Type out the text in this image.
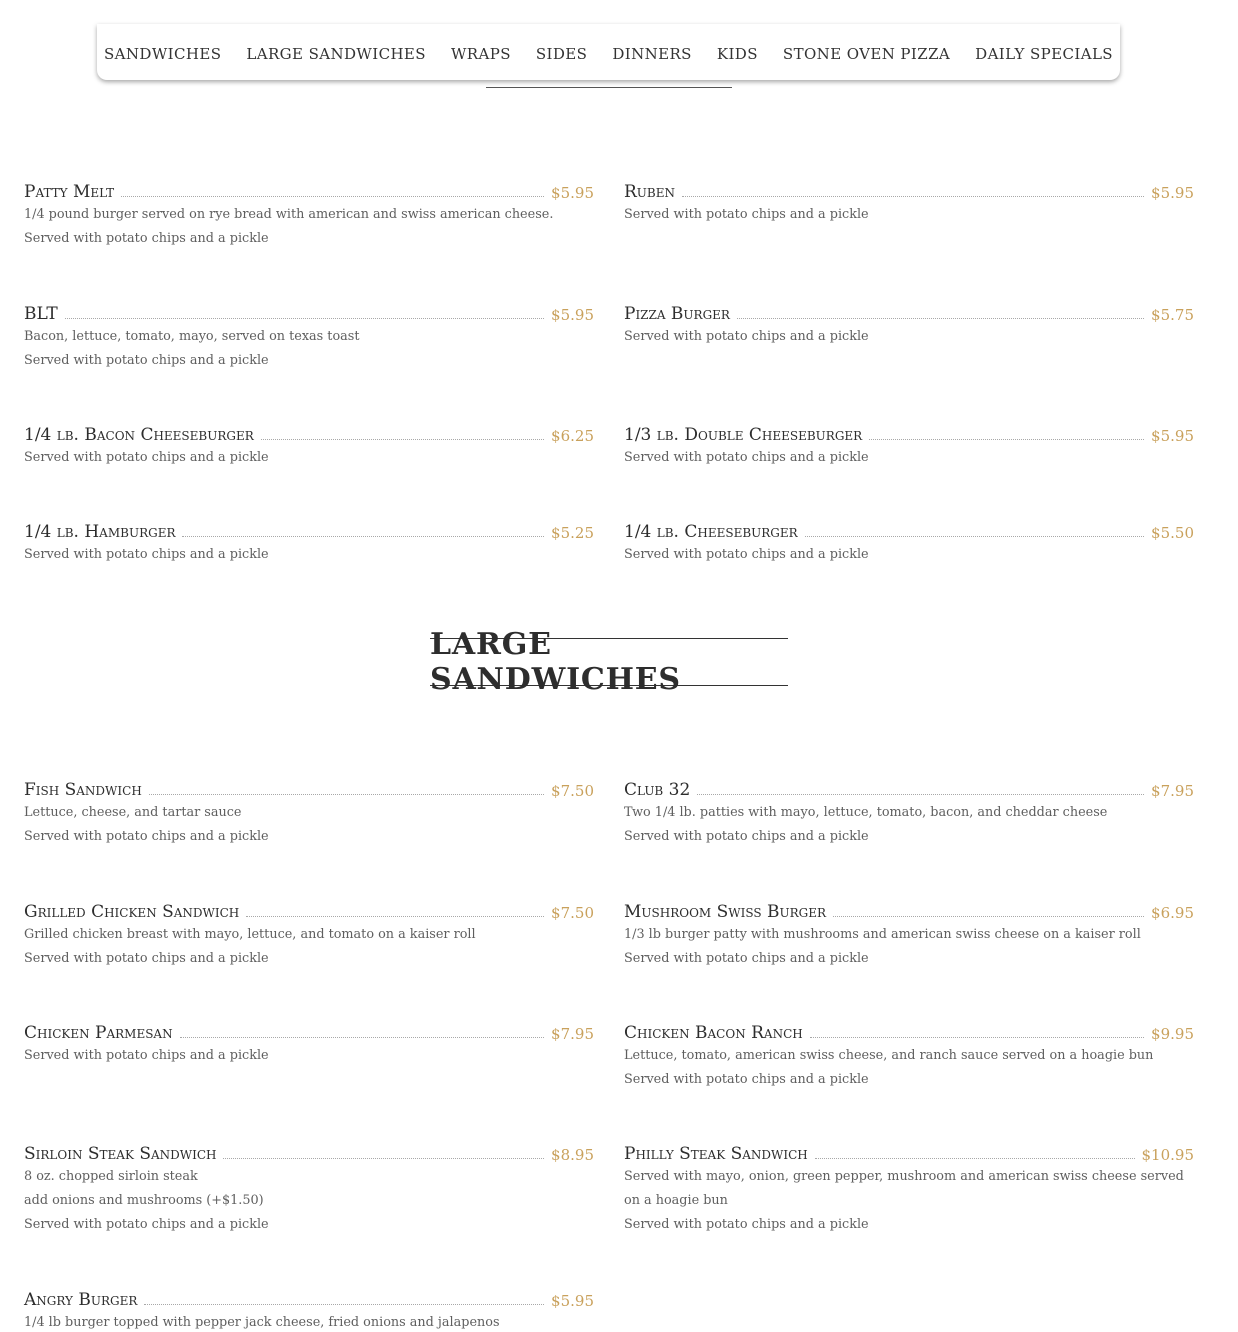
SANDWICHES LARGE SANDWICHES WRAPS SIDES DINNERS KIDS STONE OVEN PIZZA DAILY SPECIALS
Patty Melt	$5.95
1/4 pound burger served on rye bread with american and swiss american cheese.
Served with potato chips and a pickle
Ruben	$5.95
Served with potato chips and a pickle
BLT	$5.95
Bacon, lettuce, tomato, mayo, served on texas toast
Served with potato chips and a pickle
Pizza Burger	$5.75
Served with potato chips and a pickle
1/4 lb. Bacon Cheeseburger	$6.25
Served with potato chips and a pickle
1/3 lb. Double Cheeseburger	$5.95
Served with potato chips and a pickle
1/4 lb. Hamburger	$5.25
Served with potato chips and a pickle
1/4 lb. Cheeseburger	$5.50
Served with potato chips and a pickle
LARGE SANDWICHES
Fish Sandwich	$7.50
Lettuce, cheese, and tartar sauce
Served with potato chips and a pickle
Club 32	$7.95
Two 1/4 lb. patties with mayo, lettuce, tomato, bacon, and cheddar cheese
Served with potato chips and a pickle
Grilled Chicken Sandwich	$7.50
Grilled chicken breast with mayo, lettuce, and tomato on a kaiser roll
Served with potato chips and a pickle
Mushroom Swiss Burger	$6.95
1/3 lb burger patty with mushrooms and american swiss cheese on a kaiser roll
Served with potato chips and a pickle
Chicken Parmesan	$7.95
Served with potato chips and a pickle
Chicken Bacon Ranch	$9.95
Lettuce, tomato, american swiss cheese, and ranch sauce served on a hoagie bun
Served with potato chips and a pickle
Sirloin Steak Sandwich	$8.95
8 oz. chopped sirloin steak
add onions and mushrooms (+$1.50)
Served with potato chips and a pickle
Philly Steak Sandwich	$10.95
Served with mayo, onion, green pepper, mushroom and american swiss cheese served on a hoagie bun
Served with potato chips and a pickle
Angry Burger	$5.95
1/4 lb burger topped with pepper jack cheese, fried onions and jalapenos
